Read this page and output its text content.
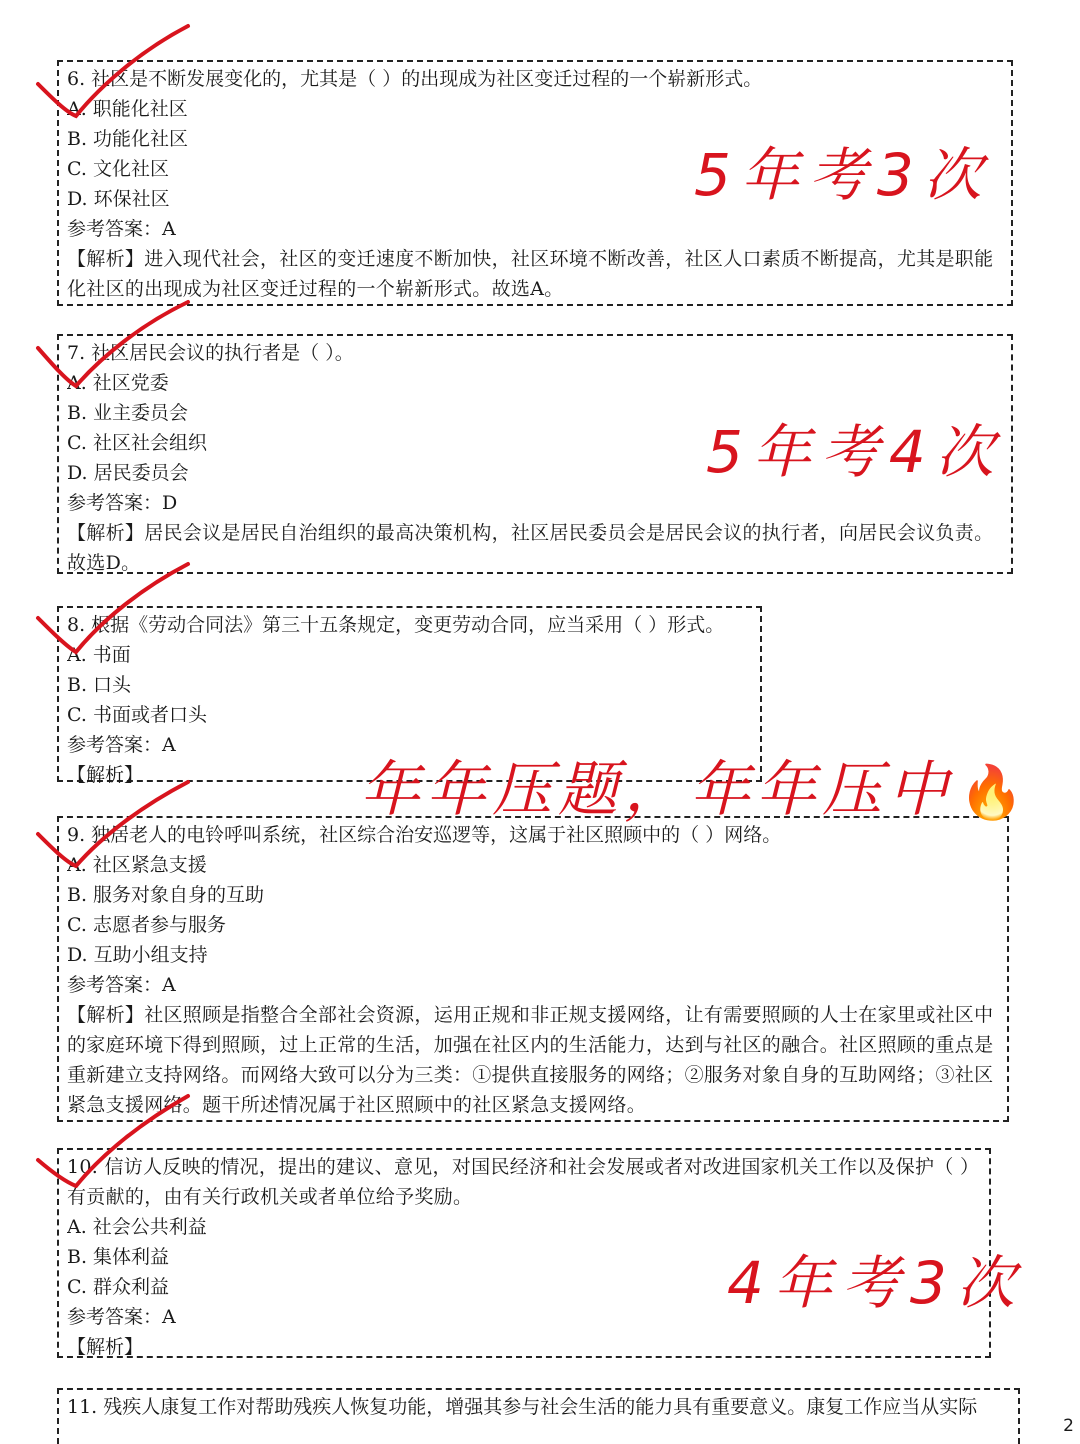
6. 社区是不断发展变化的，尤其是（ ）的出现成为社区变迁过程的一个崭新形式。
A. 职能化社区
B. 功能化社区
C. 文化社区
D. 环保社区
参考答案：A
【解析】进入现代社会，社区的变迁速度不断加快，社区环境不断改善，社区人口素质不断提高，尤其是职能化社区的出现成为社区变迁过程的一个崭新形式。故选A。
7. 社区居民会议的执行者是（ ）。
A. 社区党委
B. 业主委员会
C. 社区社会组织
D. 居民委员会
参考答案：D
【解析】居民会议是居民自治组织的最高决策机构，社区居民委员会是居民会议的执行者，向居民会议负责。故选D。
8. 根据《劳动合同法》第三十五条规定，变更劳动合同，应当采用（ ）形式。
A. 书面
B. 口头
C. 书面或者口头
参考答案：A
【解析】
9. 独居老人的电铃呼叫系统，社区综合治安巡逻等，这属于社区照顾中的（ ）网络。
A. 社区紧急支援
B. 服务对象自身的互助
C. 志愿者参与服务
D. 互助小组支持
参考答案：A
【解析】社区照顾是指整合全部社会资源，运用正规和非正规支援网络，让有需要照顾的人士在家里或社区中的家庭环境下得到照顾，过上正常的生活，加强在社区内的生活能力，达到与社区的融合。社区照顾的重点是重新建立支持网络。而网络大致可以分为三类：①提供直接服务的网络；②服务对象自身的互助网络；③社区紧急支援网络。题干所述情况属于社区照顾中的社区紧急支援网络。
10. 信访人反映的情况，提出的建议、意见，对国民经济和社会发展或者对改进国家机关工作以及保护（ ）有贡献的，由有关行政机关或者单位给予奖励。
A. 社会公共利益
B. 集体利益
C. 群众利益
参考答案：A
【解析】
11. 残疾人康复工作对帮助残疾人恢复功能，增强其参与社会生活的能力具有重要意义。康复工作应当从实际
5年考3次
5年考4次
年年压题，年年压中 🔥
4年考3次
2
